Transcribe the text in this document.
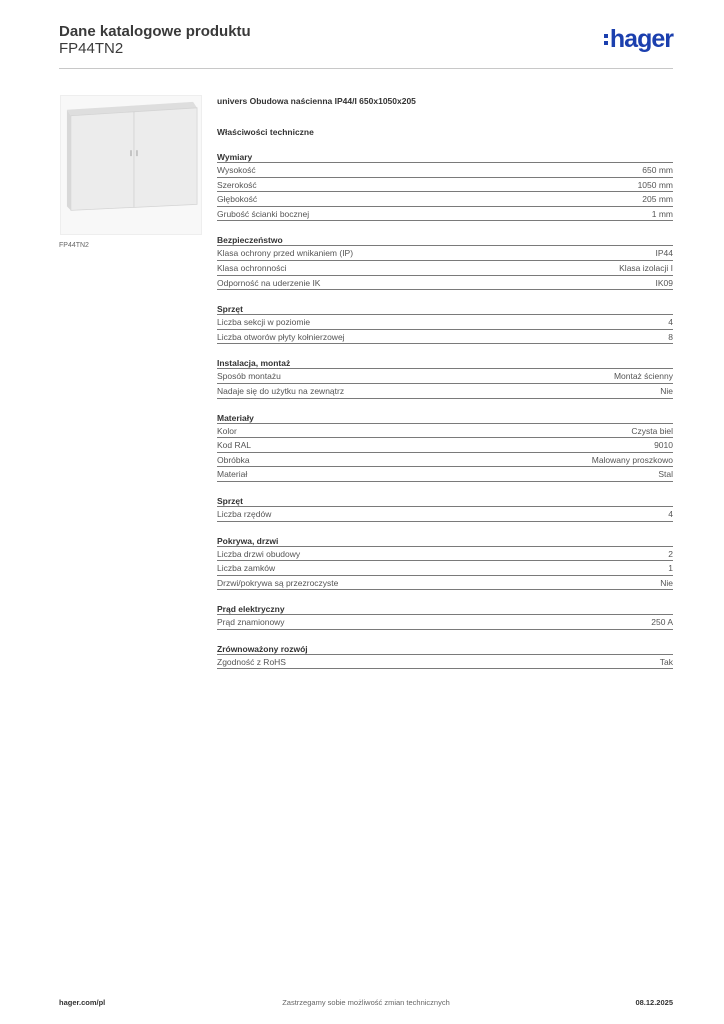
Dane katalogowe produktu
FP44TN2	hager
FP44TN2
univers Obudowa naścienna IP44/I 650x1050x205
Właściwości techniczne
Wymiary
Wysokość	650 mm
Szerokość	1050 mm
Głębokość	205 mm
Grubość ścianki bocznej	1 mm
Bezpieczeństwo
Klasa ochrony przed wnikaniem (IP)	IP44
Klasa ochronności	Klasa izolacji I
Odporność na uderzenie IK	IK09
Sprzęt
Liczba sekcji w poziomie	4
Liczba otworów płyty kołnierzowej	8
Instalacja, montaż
Sposób montażu	Montaż ścienny
Nadaje się do użytku na zewnątrz	Nie
Materiały
Kolor	Czysta biel
Kod RAL	9010
Obróbka	Malowany proszkowo
Materiał	Stal
Sprzęt
Liczba rzędów	4
Pokrywa, drzwi
Liczba drzwi obudowy	2
Liczba zamków	1
Drzwi/pokrywa są przezroczyste	Nie
Prąd elektryczny
Prąd znamionowy	250 A
Zrównoważony rozwój
Zgodność z RoHS	Tak
hager.com/pl	Zastrzegamy sobie możliwość zmian technicznych	08.12.2025
